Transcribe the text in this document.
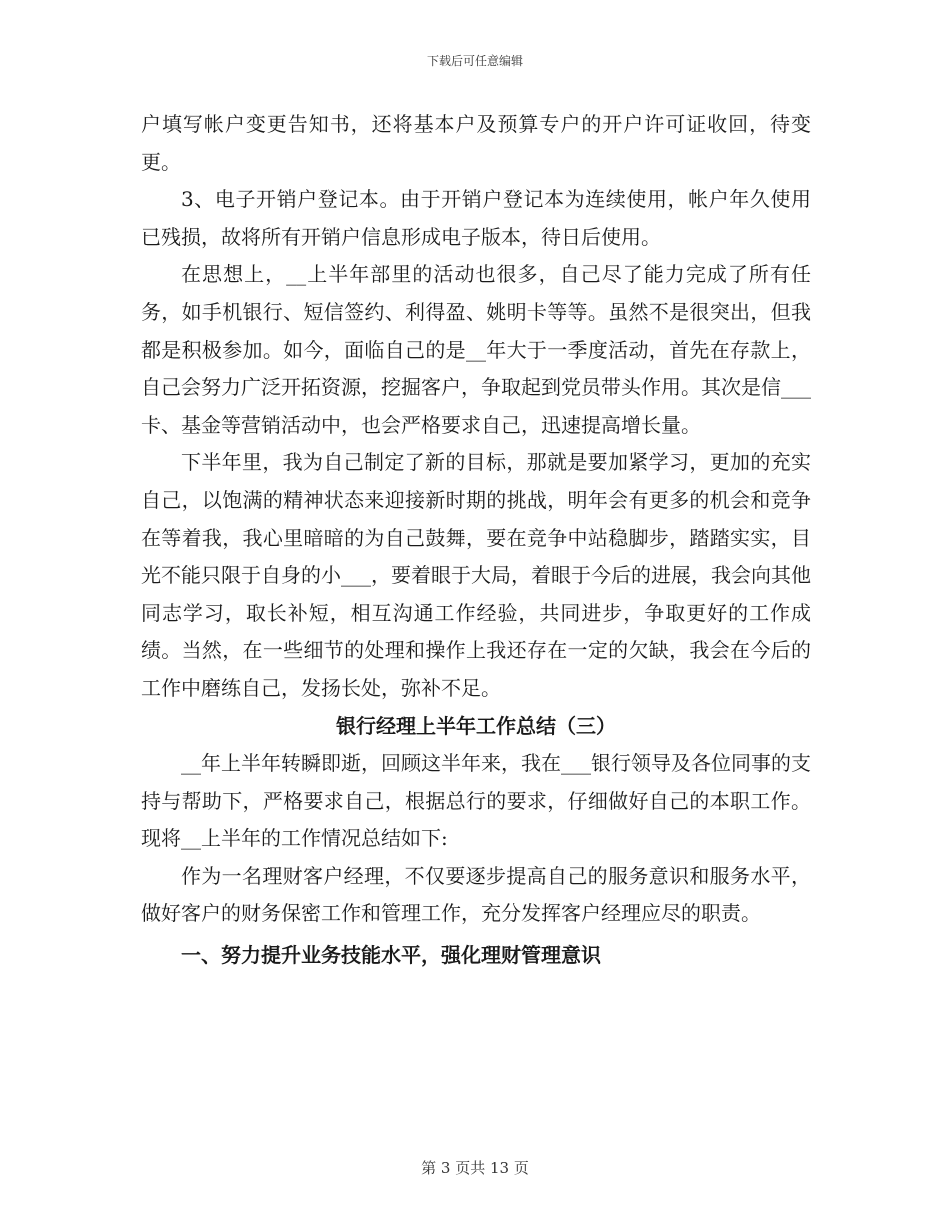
下载后可任意编辑

户填写帐户变更告知书，还将基本户及预算专户的开户许可证收回，待变更。

3、电子开销户登记本。由于开销户登记本为连续使用，帐户年久使用已残损，故将所有开销户信息形成电子版本，待日后使用。

在思想上，__上半年部里的活动也很多，自己尽了能力完成了所有任务，如手机银行、短信签约、利得盈、姚明卡等等。虽然不是很突出，但我都是积极参加。如今，面临自己的是__年大于一季度活动，首先在存款上，自己会努力广泛开拓资源，挖掘客户，争取起到党员带头作用。其次是信___卡、基金等营销活动中，也会严格要求自己，迅速提高增长量。

下半年里，我为自己制定了新的目标，那就是要加紧学习，更加的充实自己，以饱满的精神状态来迎接新时期的挑战，明年会有更多的机会和竞争在等着我，我心里暗暗的为自己鼓舞，要在竞争中站稳脚步，踏踏实实，目光不能只限于自身的小___，要着眼于大局，着眼于今后的进展，我会向其他同志学习，取长补短，相互沟通工作经验，共同进步，争取更好的工作成绩。当然，在一些细节的处理和操作上我还存在一定的欠缺，我会在今后的工作中磨练自己，发扬长处，弥补不足。

银行经理上半年工作总结（三）

__年上半年转瞬即逝，回顾这半年来，我在___银行领导及各位同事的支持与帮助下，严格要求自己，根据总行的要求，仔细做好自己的本职工作。现将__上半年的工作情况总结如下:

作为一名理财客户经理，不仅要逐步提高自己的服务意识和服务水平，做好客户的财务保密工作和管理工作，充分发挥客户经理应尽的职责。

一、努力提升业务技能水平，强化理财管理意识

第 3 页共 13 页
